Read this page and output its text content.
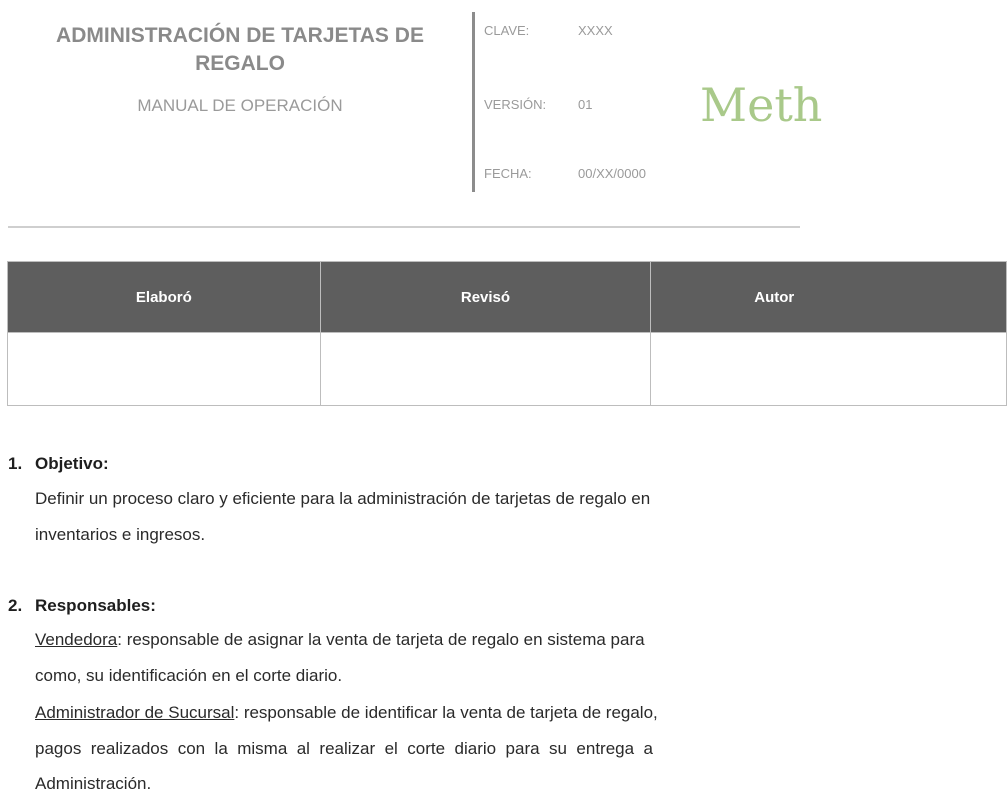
ADMINISTRACIÓN DE TARJETAS DE
REGALO
MANUAL DE OPERACIÓN
CLAVE:	XXXX
VERSIÓN: 01
FECHA:	00/XX/0000
Meth
Elaboró	Revisó	Autor

1. Objetivo:
Definir un proceso claro y eficiente para la administración de tarjetas de regalo en
inventarios e ingresos.
2. Responsables:
Vendedora: responsable de asignar la venta de tarjeta de regalo en sistema para
como, su identificación en el corte diario.
Administrador de Sucursal: responsable de identificar la venta de tarjeta de regalo,
pagos  realizados  con  la  misma  al  realizar  el  corte  diario  para  su  entrega  a
Administración.
